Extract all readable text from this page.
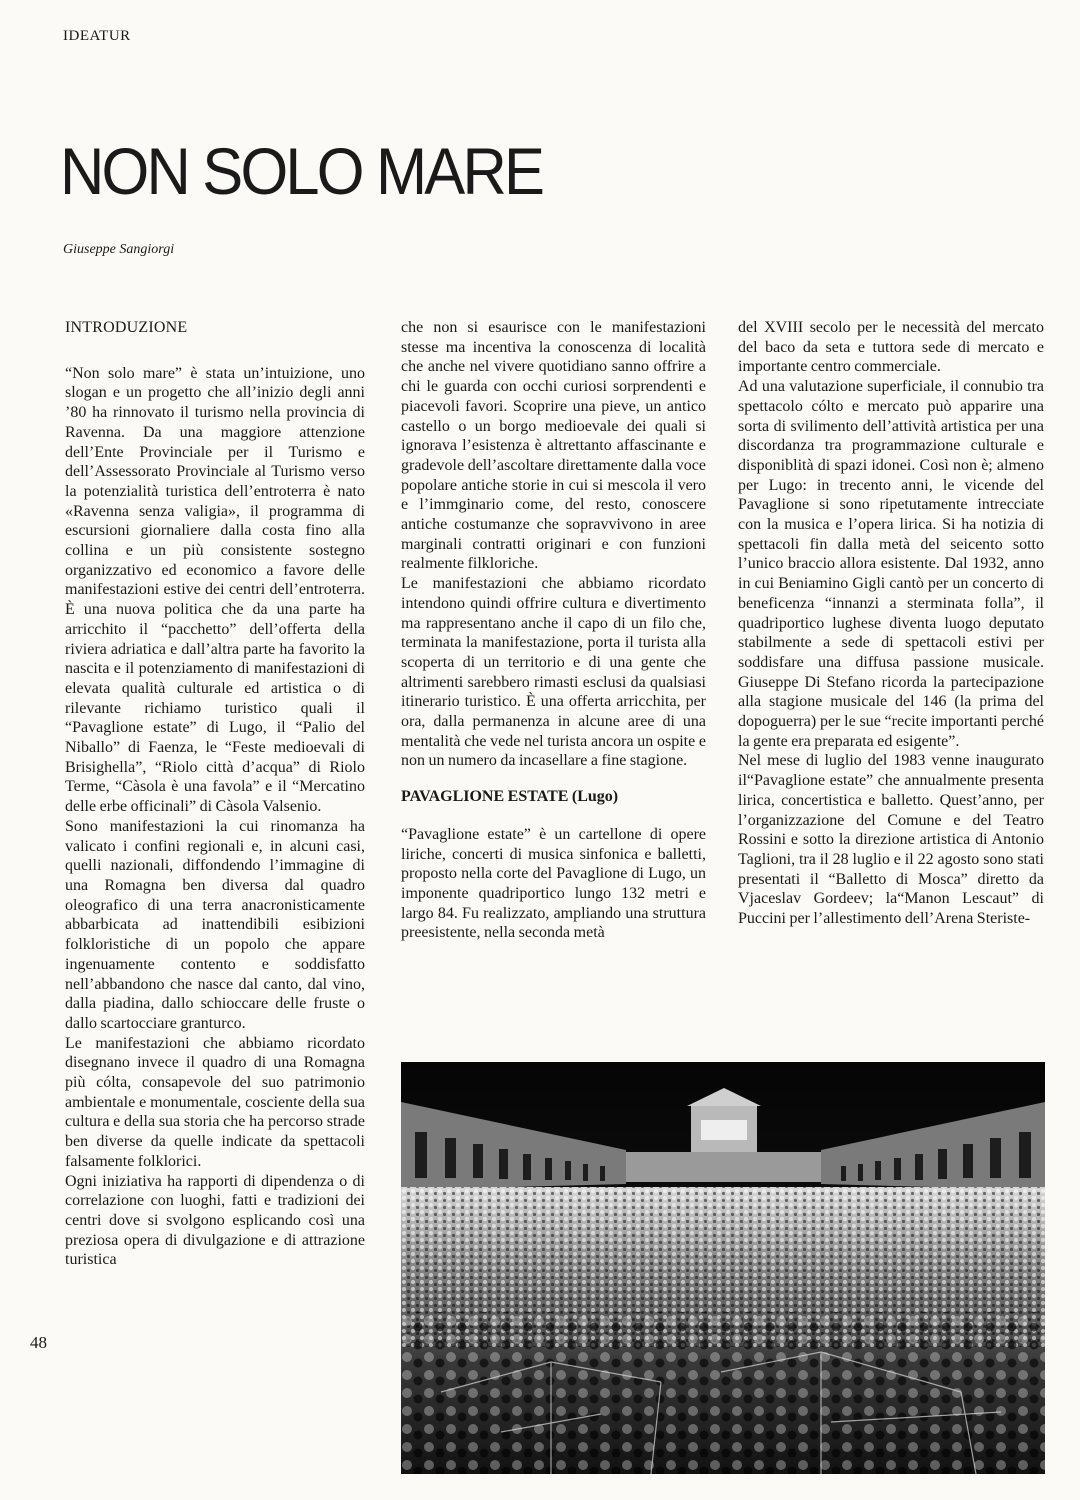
IDEATUR
NON SOLO MARE
Giuseppe Sangiorgi
INTRODUZIONE

“Non solo mare” è stata un’intuizione, uno slogan e un progetto che all’inizio degli anni ’80 ha rinnovato il turismo nella provincia di Ravenna. Da una maggiore attenzione dell’Ente Provinciale per il Turismo e dell’Assessorato Provinciale al Turismo verso la potenzialità turistica dell’entroterra è nato «Ravenna senza valigia», il programma di escursioni giornaliere dalla costa fino alla collina e un più consistente sostegno organizzativo ed economico a favore delle manifestazioni estive dei centri dell’entroterra. È una nuova politica che da una parte ha arricchito il “pacchetto” dell’offerta della riviera adriatica e dall’altra parte ha favorito la nascita e il potenziamento di manifestazioni di elevata qualità culturale ed artistica o di rilevante richiamo turistico quali il “Pavaglione estate” di Lugo, il “Palio del Niballo” di Faenza, le “Feste medioevali di Brisighella”, “Riolo città d’acqua” di Riolo Terme, “Càsola è una favola” e il “Mercatino delle erbe officinali” di Càsola Valsenio.

Sono manifestazioni la cui rinomanza ha valicato i confini regionali e, in alcuni casi, quelli nazionali, diffondendo l’immagine di una Romagna ben diversa dal quadro oleografico di una terra anacronisticamente abbarbicata ad inattendibili esibizioni folkloristiche di un popolo che appare ingenuamente contento e soddisfatto nell’abbandono che nasce dal canto, dal vino, dalla piadina, dallo schioccare delle fruste o dallo scartocciare granturco.

Le manifestazioni che abbiamo ricordato disegnano invece il quadro di una Romagna più cólta, consapevole del suo patrimonio ambientale e monumentale, cosciente della sua cultura e della sua storia che ha percorso strade ben diverse da quelle indicate da spettacoli falsamente folklorici.

Ogni iniziativa ha rapporti di dipendenza o di correlazione con luoghi, fatti e tradizioni dei centri dove si svolgono esplicando così una preziosa opera di divulgazione e di attrazione turistica

che non si esaurisce con le manifestazioni stesse ma incentiva la conoscenza di località che anche nel vivere quotidiano sanno offrire a chi le guarda con occhi curiosi sorprendenti e piacevoli favori. Scoprire una pieve, un antico castello o un borgo medioevale dei quali si ignorava l’esistenza è altrettanto affascinante e gradevole dell’ascoltare direttamente dalla voce popolare antiche storie in cui si mescola il vero e l’immginario come, del resto, conoscere antiche costumanze che sopravvivono in aree marginali contratti originari e con funzioni realmente filkloriche.

Le manifestazioni che abbiamo ricordato intendono quindi offrire cultura e divertimento ma rappresentano anche il capo di un filo che, terminata la manifestazione, porta il turista alla scoperta di un territorio e di una gente che altrimenti sarebbero rimasti esclusi da qualsiasi itinerario turistico. È una offerta arricchita, per ora, dalla permanenza in alcune aree di una mentalità che vede nel turista ancora un ospite e non un numero da incasellare a fine stagione.

PAVAGLIONE ESTATE (Lugo)

“Pavaglione estate” è un cartellone di opere liriche, concerti di musica sinfonica e balletti, proposto nella corte del Pavaglione di Lugo, un imponente quadriportico lungo 132 metri e largo 84. Fu realizzato, ampliando una struttura preesistente, nella seconda metà

del XVIII secolo per le necessità del mercato del baco da seta e tuttora sede di mercato e importante centro commerciale.

Ad una valutazione superficiale, il connubio tra spettacolo cólto e mercato può apparire una sorta di svilimento dell’attività artistica per una discordanza tra programmazione culturale e disponiblità di spazi idonei. Così non è; almeno per Lugo: in trecento anni, le vicende del Pavaglione si sono ripetutamente intrecciate con la musica e l’opera lirica. Si ha notizia di spettacoli fin dalla metà del seicento sotto l’unico braccio allora esistente. Dal 1932, anno in cui Beniamino Gigli cantò per un concerto di beneficenza “innanzi a sterminata folla”, il quadriportico lughese diventa luogo deputato stabilmente a sede di spettacoli estivi per soddisfare una diffusa passione musicale. Giuseppe Di Stefano ricorda la partecipazione alla stagione musicale del 146 (la prima del dopoguerra) per le sue “recite importanti perché la gente era preparata ed esigente”.

Nel mese di luglio del 1983 venne inaugurato il“Pavaglione estate” che annualmente presenta lirica, concertistica e balletto. Quest’anno, per l’organizzazione del Comune e del Teatro Rossini e sotto la direzione artistica di Antonio Taglioni, tra il 28 luglio e il 22 agosto sono stati presentati il “Balletto di Mosca” diretto da Vjaceslav Gordeev; la“Manon Lescaut” di Puccini per l’allestimento dell’Arena Steriste-

48
